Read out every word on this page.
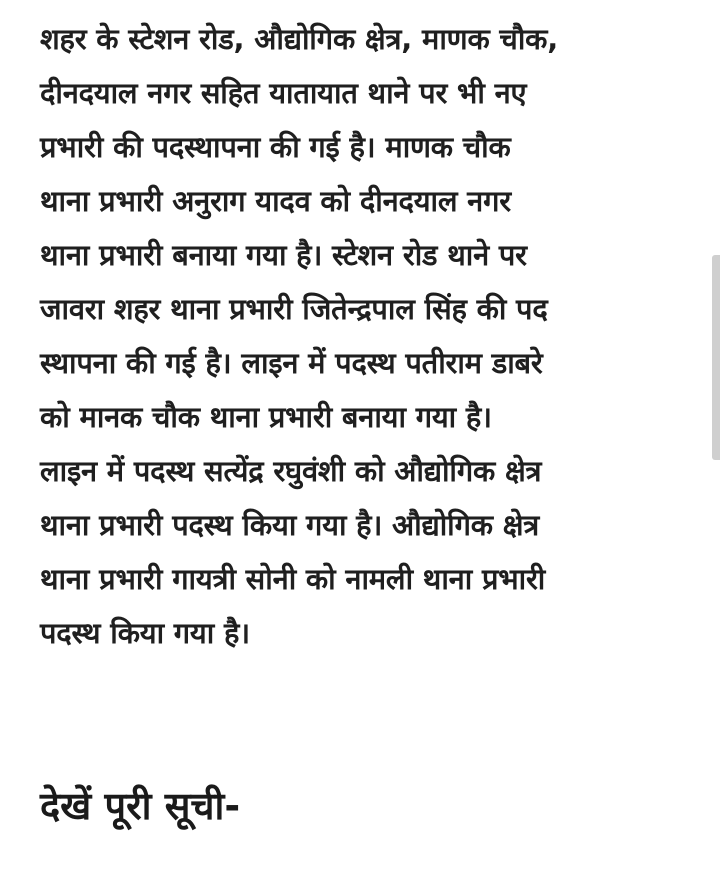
शहर के स्टेशन रोड, औद्योगिक क्षेत्र, माणक चौक,
दीनदयाल नगर सहित यातायात थाने पर भी नए
प्रभारी की पदस्थापना की गई है। माणक चौक
थाना प्रभारी अनुराग यादव को दीनदयाल नगर
थाना प्रभारी बनाया गया है। स्टेशन रोड थाने पर
जावरा शहर थाना प्रभारी जितेन्द्रपाल सिंह की पद
स्थापना की गई है। लाइन में पदस्थ पतीराम डाबरे
को मानक चौक थाना प्रभारी बनाया गया है।
लाइन में पदस्थ सत्येंद्र रघुवंशी को औद्योगिक क्षेत्र
थाना प्रभारी पदस्थ किया गया है। औद्योगिक क्षेत्र
थाना प्रभारी गायत्री सोनी को नामली थाना प्रभारी
पदस्थ किया गया है।

देखें पूरी सूची-
